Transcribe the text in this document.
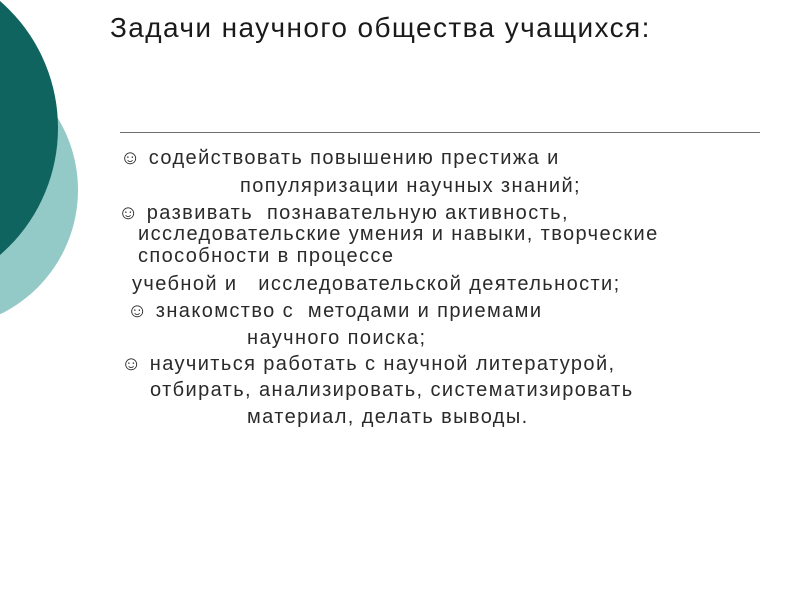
Задачи научного общества учащихся:
☺ содействовать повышению престижа и
популяризации научных знаний;
☺ развивать  познавательную активность,
исследовательские умения и навыки, творческие
способности в процессе
учебной и   исследовательской деятельности;
☺ знакомство с  методами и приемами
научного поиска;
☺ научиться работать с научной литературой,
отбирать, анализировать, систематизировать
материал, делать выводы.
